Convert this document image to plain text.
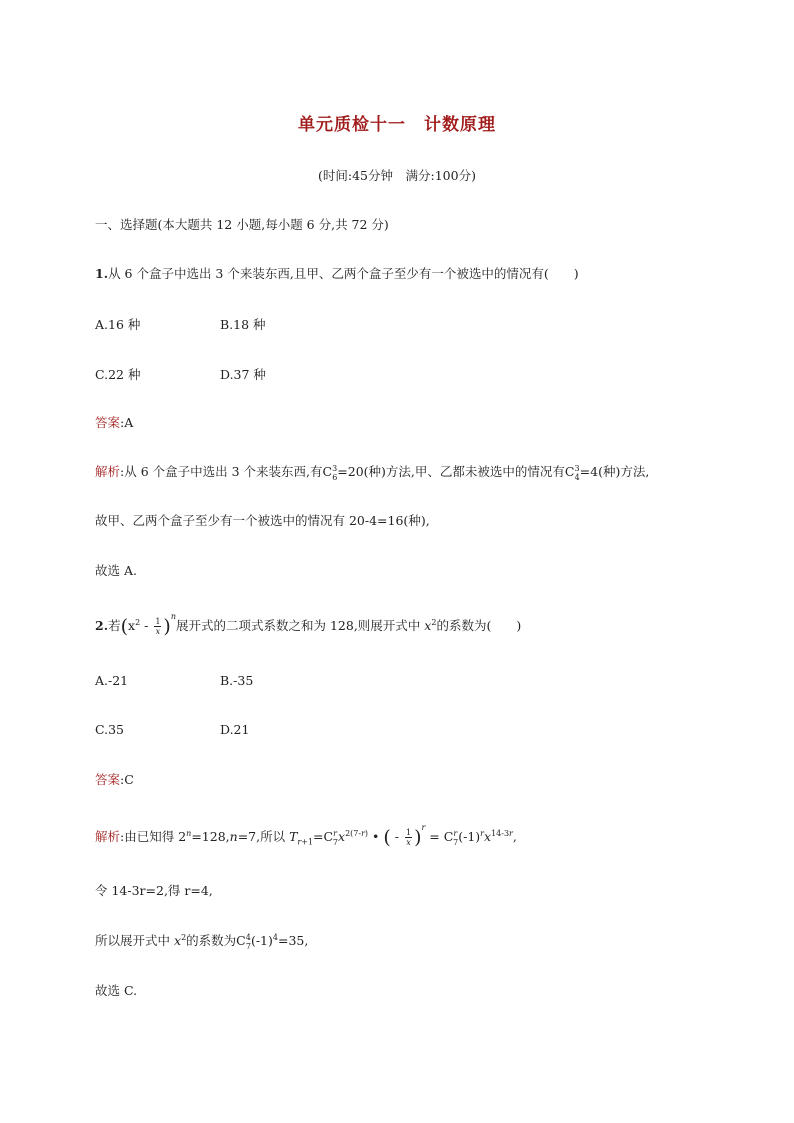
单元质检十一　计数原理
(时间:45分钟　满分:100分)
一、选择题(本大题共 12 小题,每小题 6 分,共 72 分)
1.从 6 个盒子中选出 3 个来装东西,且甲、乙两个盒子至少有一个被选中的情况有(　　)
A.16 种	B.18 种
C.22 种	D.37 种
答案:A
解析:从 6 个盒子中选出 3 个来装东西,有$C^3_6=20$(种)方法,甲、乙都未被选中的情况有$C^3_4=4$(种)方法,
故甲、乙两个盒子至少有一个被选中的情况有 20-4=16(种),
故选 A.
2.若$(x^2 - \frac{1}{x} )^n$展开式的二项式系数之和为 128,则展开式中 $x^2$的系数为(　　)
A.-21	B.-35
C.35	D.21
答案:C
解析:由已知得 $2^n=128,n=7$,所以 $T_{r+1}=C^r_7x^{2(7-r)}$ • ( - $\frac{1}{x} )^r = C^r_7(-1)^rx^{14-3r}$,
令 14-3r=2,得 r=4,
所以展开式中 $x^2$的系数为$C^4_7(-1)^4=35$,
故选 C.
